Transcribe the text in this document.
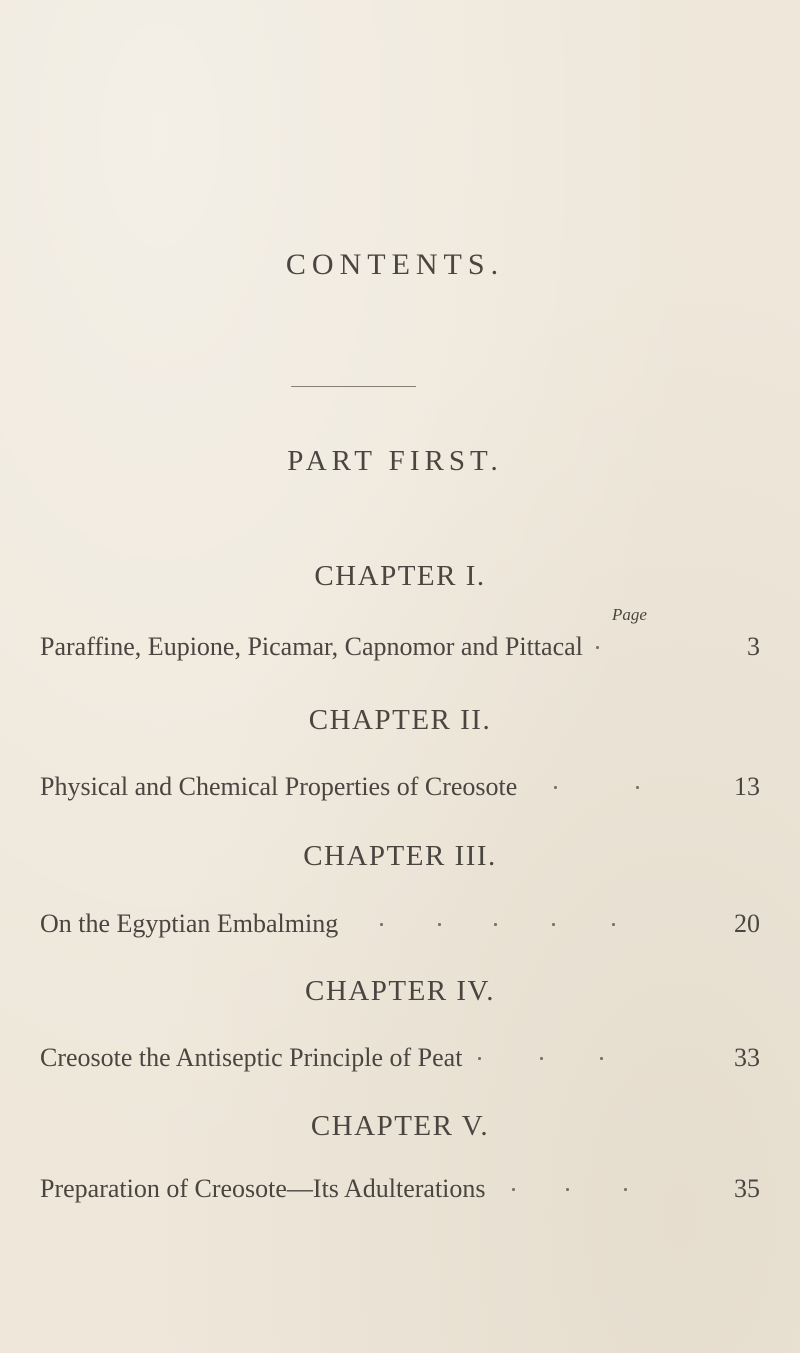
CONTENTS.
PART FIRST.
Page
CHAPTER I.
Paraffine, Eupione, Picamar, Capnomor and Pittacal	3
CHAPTER II.
Physical and Chemical Properties of Creosote	13
CHAPTER III.
On the Egyptian Embalming	20
CHAPTER IV.
Creosote the Antiseptic Principle of Peat	33
CHAPTER V.
Preparation of Creosote—Its Adulterations	35
